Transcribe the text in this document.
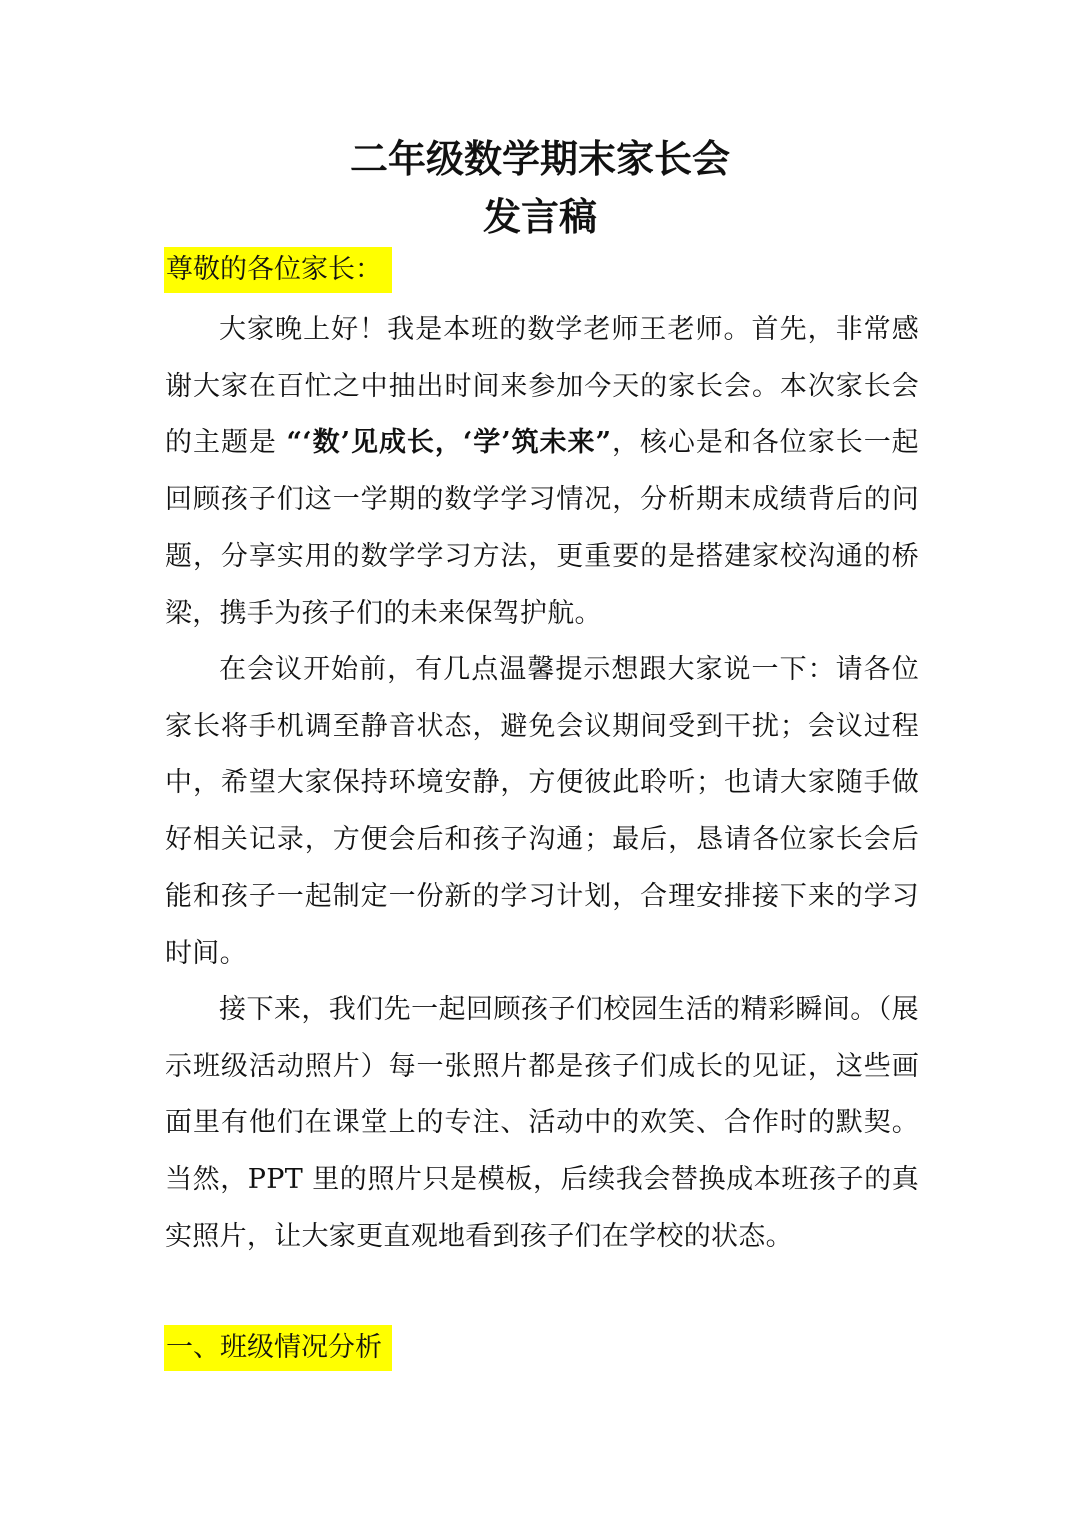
二年级数学期末家长会
发言稿
尊敬的各位家长：

大家晚上好！我是本班的数学老师王老师。首先，非常感谢大家在百忙之中抽出时间来参加今天的家长会。本次家长会的主题是 “‘数’见成长，‘学’筑未来”，核心是和各位家长一起回顾孩子们这一学期的数学学习情况，分析期末成绩背后的问题，分享实用的数学学习方法，更重要的是搭建家校沟通的桥梁，携手为孩子们的未来保驾护航。

在会议开始前，有几点温馨提示想跟大家说一下：请各位家长将手机调至静音状态，避免会议期间受到干扰；会议过程中，希望大家保持环境安静，方便彼此聆听；也请大家随手做好相关记录，方便会后和孩子沟通；最后，恳请各位家长会后能和孩子一起制定一份新的学习计划，合理安排接下来的学习时间。

接下来，我们先一起回顾孩子们校园生活的精彩瞬间。（展示班级活动照片）每一张照片都是孩子们成长的见证，这些画面里有他们在课堂上的专注、活动中的欢笑、合作时的默契。当然，PPT 里的照片只是模板，后续我会替换成本班孩子的真实照片，让大家更直观地看到孩子们在学校的状态。

一、班级情况分析
